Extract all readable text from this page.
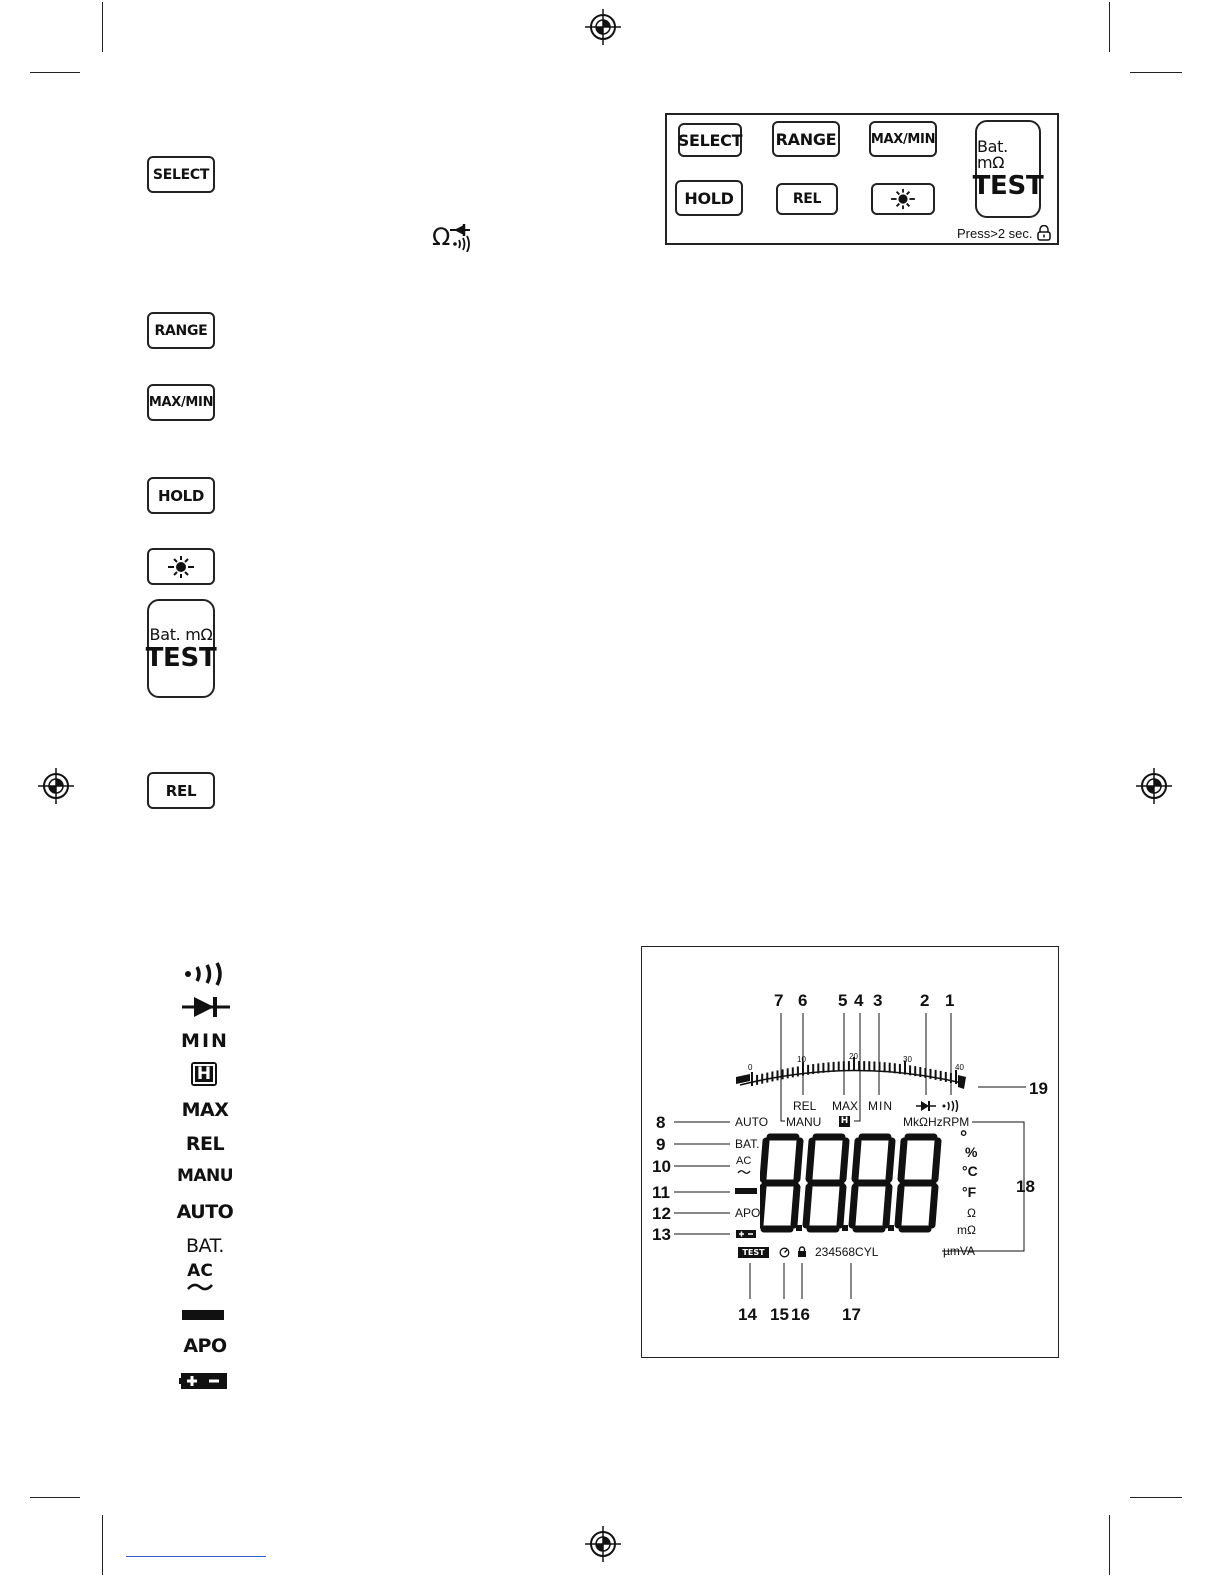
SELECT
Ω
RANGE
MAX/MIN
HOLD
Bat. mΩ
TEST
REL
SELECT RANGE	MAX/MIN
HOLD	REL
Bat. mΩ
TEST
Press>2 sec.
MIN
H
MAX
REL
MANU
AUTO
BAT.
AC
APO
7 6 5 4 3 2 1
8
9
10
11
12
13
14 15 16 17
19
18
0
10	20	30
40
REL MAX MIN
AUTO MANU H	MkΩHzRPM
BAT.
AC

APO
°
%
°C
°F
Ω
mΩ
µmVA
TEST	234568CYL
